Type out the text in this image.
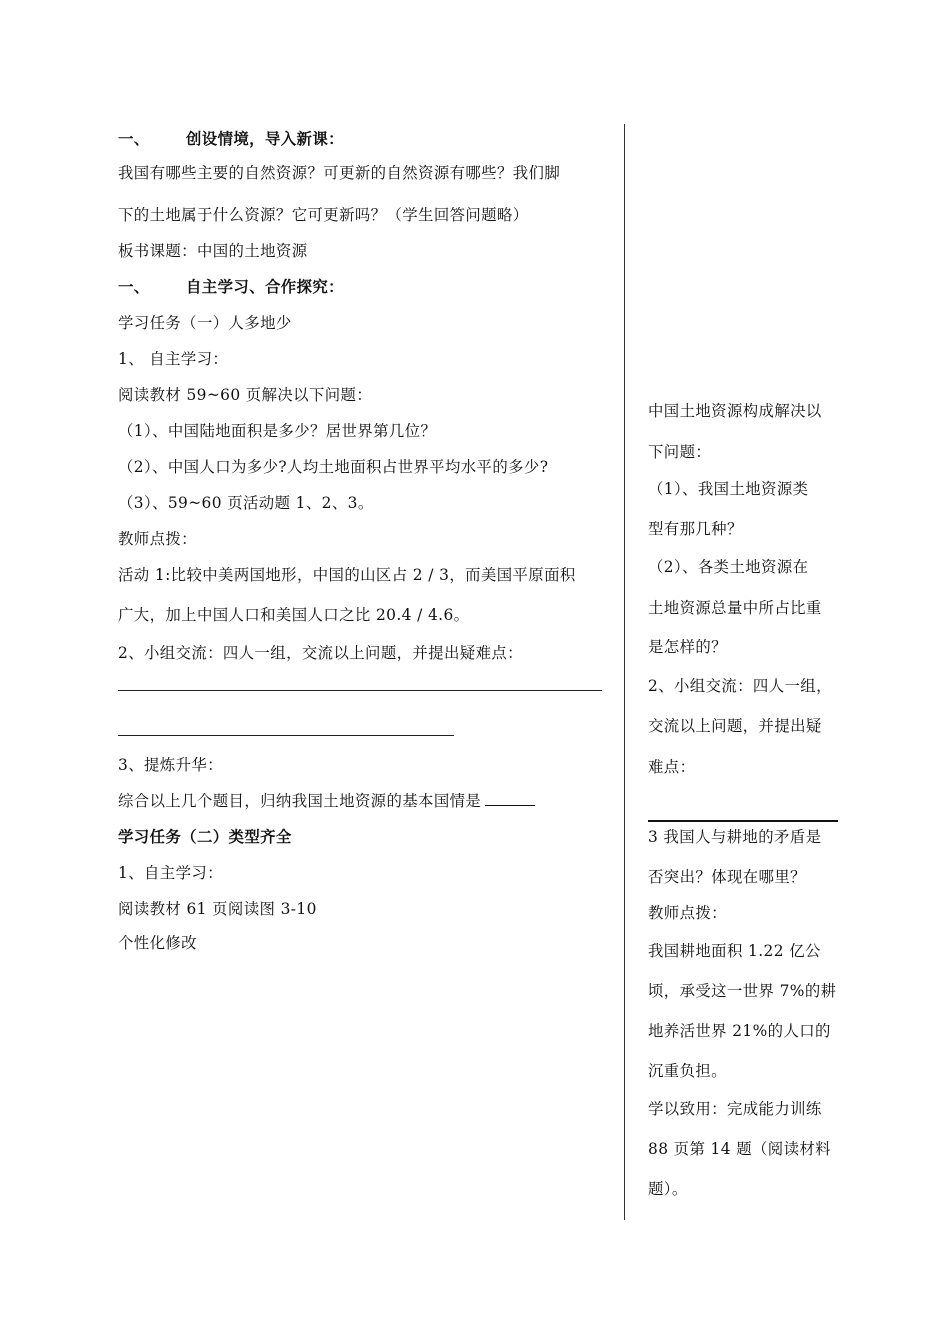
一、 创设情境，导入新课：
我国有哪些主要的自然资源？可更新的自然资源有哪些？我们脚
下的土地属于什么资源？它可更新吗？（学生回答问题略）
板书课题：中国的土地资源
一、 自主学习、合作探究：
学习任务（一）人多地少
1、 自主学习：
阅读教材 59~60 页解决以下问题：
（1）、中国陆地面积是多少？居世界第几位？
（2）、中国人口为多少?人均土地面积占世界平均水平的多少?
（3）、59~60 页活动题 1、2、3。
教师点拨：
活动 1:比较中美两国地形，中国的山区占 2 / 3，而美国平原面积
广大，加上中国人口和美国人口之比 20.4 / 4.6。
2、小组交流：四人一组，交流以上问题，并提出疑难点：
3、提炼升华：
综合以上几个题目，归纳我国土地资源的基本国情是
学习任务（二）类型齐全
1、自主学习：
阅读教材 61 页阅读图 3-10
个性化修改
中国土地资源构成解决以
下问题：
（1）、我国土地资源类
型有那几种？
（2）、各类土地资源在
土地资源总量中所占比重
是怎样的？
2、小组交流：四人一组，
交流以上问题，并提出疑
难点：
3 我国人与耕地的矛盾是
否突出？体现在哪里？
教师点拨：
我国耕地面积 1.22 亿公
顷，承受这一世界 7%的耕
地养活世界 21%的人口的
沉重负担。
学以致用：完成能力训练
88 页第 14 题（阅读材料
题）。
